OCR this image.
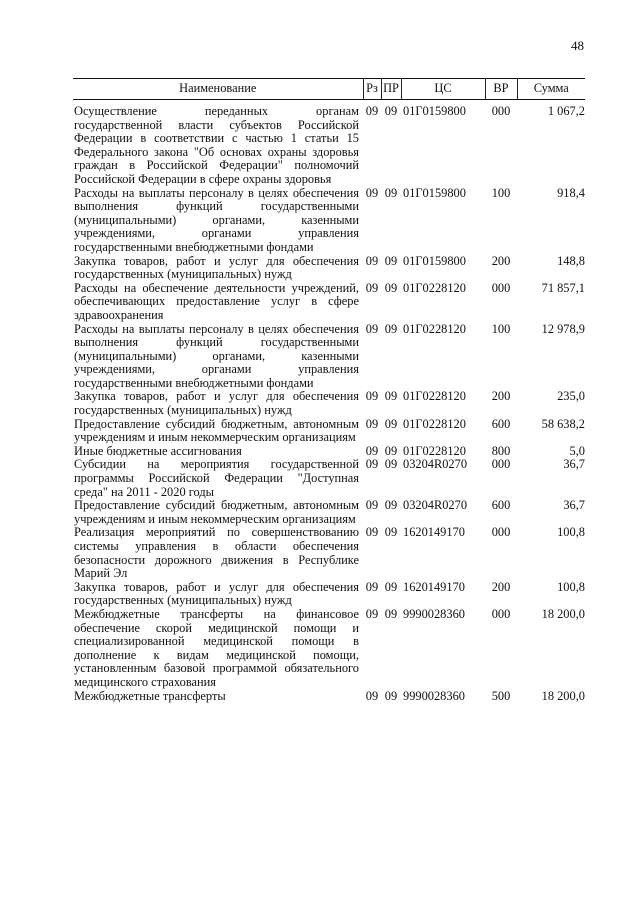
48
Наименование	Рз	ПР	ЦС	ВР	Сумма
Осуществление переданных органам государственной власти субъектов Российской Федерации в соответствии с частью 1 статьи 15 Федерального закона "Об основах охраны здоровья граждан в Российской Федерации" полномочий Российской Федерации в сфере охраны здоровья	09	09	01Г0159800	000	1 067,2
Расходы на выплаты персоналу в целях обеспечения выполнения функций государственными (муниципальными) органами, казенными учреждениями, органами управления государственными внебюджетными фондами	09	09	01Г0159800	100	918,4
Закупка товаров, работ и услуг для обеспечения государственных (муниципальных) нужд	09	09	01Г0159800	200	148,8
Расходы на обеспечение деятельности учреждений, обеспечивающих предоставление услуг в сфере здравоохранения	09	09	01Г0228120	000	71 857,1
Расходы на выплаты персоналу в целях обеспечения выполнения функций государственными (муниципальными) органами, казенными учреждениями, органами управления государственными внебюджетными фондами	09	09	01Г0228120	100	12 978,9
Закупка товаров, работ и услуг для обеспечения государственных (муниципальных) нужд	09	09	01Г0228120	200	235,0
Предоставление субсидий бюджетным, автономным учреждениям и иным некоммерческим организациям	09	09	01Г0228120	600	58 638,2
Иные бюджетные ассигнования	09	09	01Г0228120	800	5,0
Субсидии на мероприятия государственной программы Российской Федерации "Доступная среда" на 2011 - 2020 годы	09	09	03204R0270	000	36,7
Предоставление субсидий бюджетным, автономным учреждениям и иным некоммерческим организациям	09	09	03204R0270	600	36,7
Реализация мероприятий по совершенствованию системы управления в области обеспечения безопасности дорожного движения в Республике Марий Эл	09	09	1620149170	000	100,8
Закупка товаров, работ и услуг для обеспечения государственных (муниципальных) нужд	09	09	1620149170	200	100,8
Межбюджетные трансферты на финансовое обеспечение скорой медицинской помощи и специализированной медицинской помощи в дополнение к видам медицинской помощи, установленным базовой программой обязательного медицинского страхования	09	09	9990028360	000	18 200,0
Межбюджетные трансферты	09	09	9990028360	500	18 200,0
